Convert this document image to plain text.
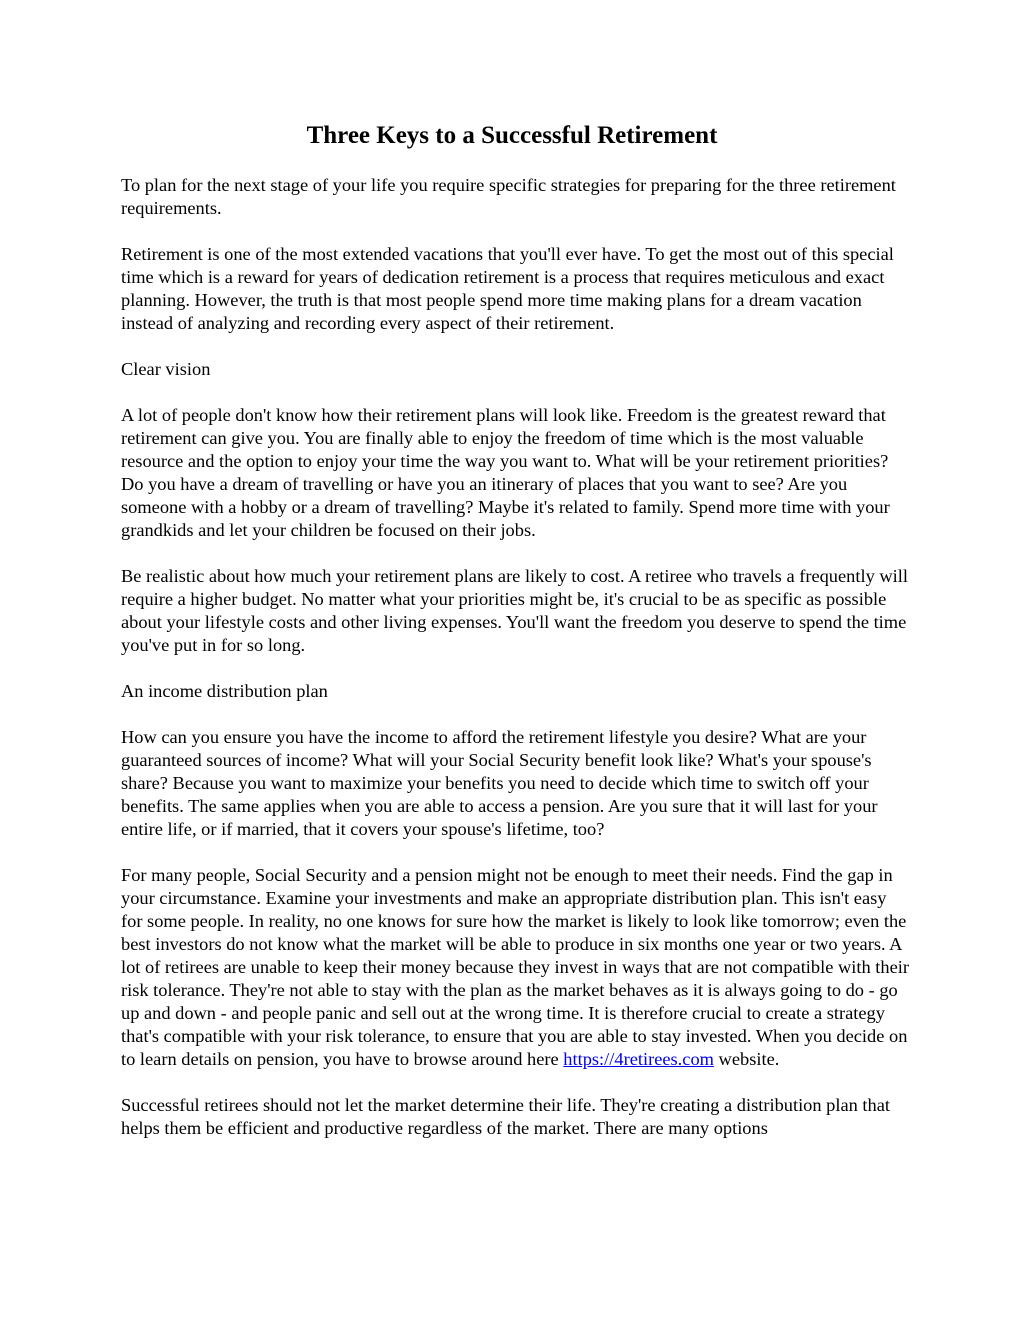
Three Keys to a Successful Retirement

To plan for the next stage of your life you require specific strategies for preparing for the three retirement requirements.

Retirement is one of the most extended vacations that you'll ever have. To get the most out of this special time which is a reward for years of dedication retirement is a process that requires meticulous and exact planning. However, the truth is that most people spend more time making plans for a dream vacation instead of analyzing and recording every aspect of their retirement.

Clear vision

A lot of people don't know how their retirement plans will look like. Freedom is the greatest reward that retirement can give you. You are finally able to enjoy the freedom of time which is the most valuable resource and the option to enjoy your time the way you want to. What will be your retirement priorities? Do you have a dream of travelling or have you an itinerary of places that you want to see? Are you someone with a hobby or a dream of travelling? Maybe it's related to family. Spend more time with your grandkids and let your children be focused on their jobs.

Be realistic about how much your retirement plans are likely to cost. A retiree who travels a frequently will require a higher budget. No matter what your priorities might be, it's crucial to be as specific as possible about your lifestyle costs and other living expenses. You'll want the freedom you deserve to spend the time you've put in for so long.

An income distribution plan

How can you ensure you have the income to afford the retirement lifestyle you desire? What are your guaranteed sources of income? What will your Social Security benefit look like? What's your spouse's share? Because you want to maximize your benefits you need to decide which time to switch off your benefits. The same applies when you are able to access a pension. Are you sure that it will last for your entire life, or if married, that it covers your spouse's lifetime, too?

For many people, Social Security and a pension might not be enough to meet their needs. Find the gap in your circumstance. Examine your investments and make an appropriate distribution plan. This isn't easy for some people. In reality, no one knows for sure how the market is likely to look like tomorrow; even the best investors do not know what the market will be able to produce in six months one year or two years. A lot of retirees are unable to keep their money because they invest in ways that are not compatible with their risk tolerance. They're not able to stay with the plan as the market behaves as it is always going to do - go up and down - and people panic and sell out at the wrong time. It is therefore crucial to create a strategy that's compatible with your risk tolerance, to ensure that you are able to stay invested. When you decide on to learn details on pension, you have to browse around here https://4retirees.com website.

Successful retirees should not let the market determine their life. They're creating a distribution plan that helps them be efficient and productive regardless of the market. There are many options
